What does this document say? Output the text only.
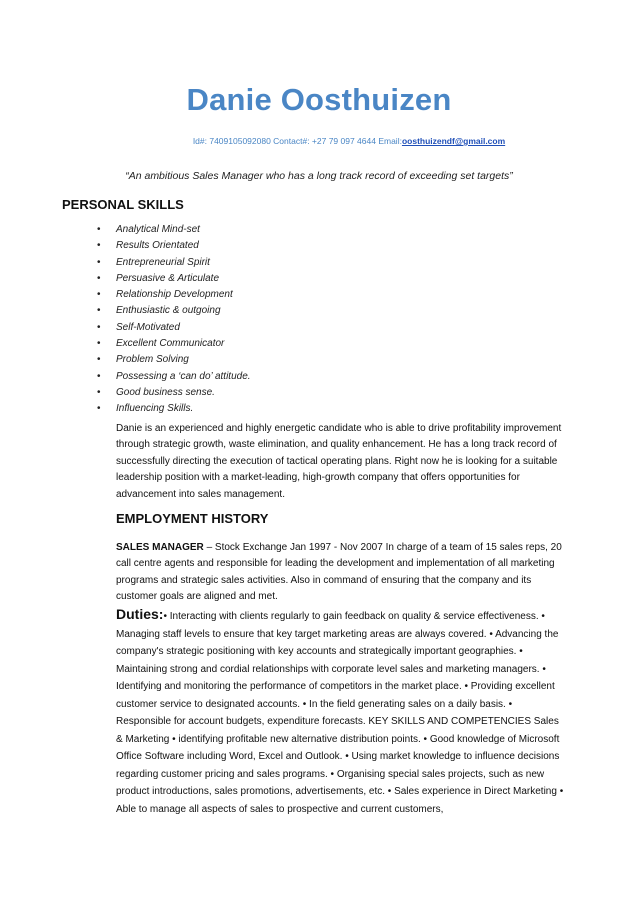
Danie Oosthuizen
Id#: 7409105092080 Contact#: +27 79 097 4644 Email:oosthuizendf@gmail.com
“An ambitious Sales Manager who has a long track record of exceeding set targets”
PERSONAL SKILLS
• Analytical Mind-set
• Results Orientated
• Entrepreneurial Spirit
• Persuasive & Articulate
• Relationship Development
• Enthusiastic & outgoing
• Self-Motivated
• Excellent Communicator
• Problem Solving
• Possessing a ‘can do’ attitude.
• Good business sense.
• Influencing Skills.

Danie is an experienced and highly energetic candidate who is able to drive profitability improvement through strategic growth, waste elimination, and quality enhancement. He has a long track record of successfully directing the execution of tactical operating plans. Right now he is looking for a suitable leadership position with a market-leading, high-growth company that offers opportunities for advancement into sales management.

EMPLOYMENT HISTORY

SALES MANAGER – Stock Exchange Jan 1997 - Nov 2007 In charge of a team of 15 sales reps, 20 call centre agents and responsible for leading the development and implementation of all marketing programs and strategic sales activities. Also in command of ensuring that the company and its customer goals are aligned and met.

Duties:• Interacting with clients regularly to gain feedback on quality & service effectiveness. • Managing staff levels to ensure that key target marketing areas are always covered. • Advancing the company's strategic positioning with key accounts and strategically important geographies. • Maintaining strong and cordial relationships with corporate level sales and marketing managers. • Identifying and monitoring the performance of competitors in the market place. • Providing excellent customer service to designated accounts. • In the field generating sales on a daily basis. • Responsible for account budgets, expenditure forecasts. KEY SKILLS AND COMPETENCIES Sales & Marketing • identifying profitable new alternative distribution points. • Good knowledge of Microsoft Office Software including Word, Excel and Outlook. • Using market knowledge to influence decisions regarding customer pricing and sales programs. • Organising special sales projects, such as new product introductions, sales promotions, advertisements, etc. • Sales experience in Direct Marketing • Able to manage all aspects of sales to prospective and current customers,
